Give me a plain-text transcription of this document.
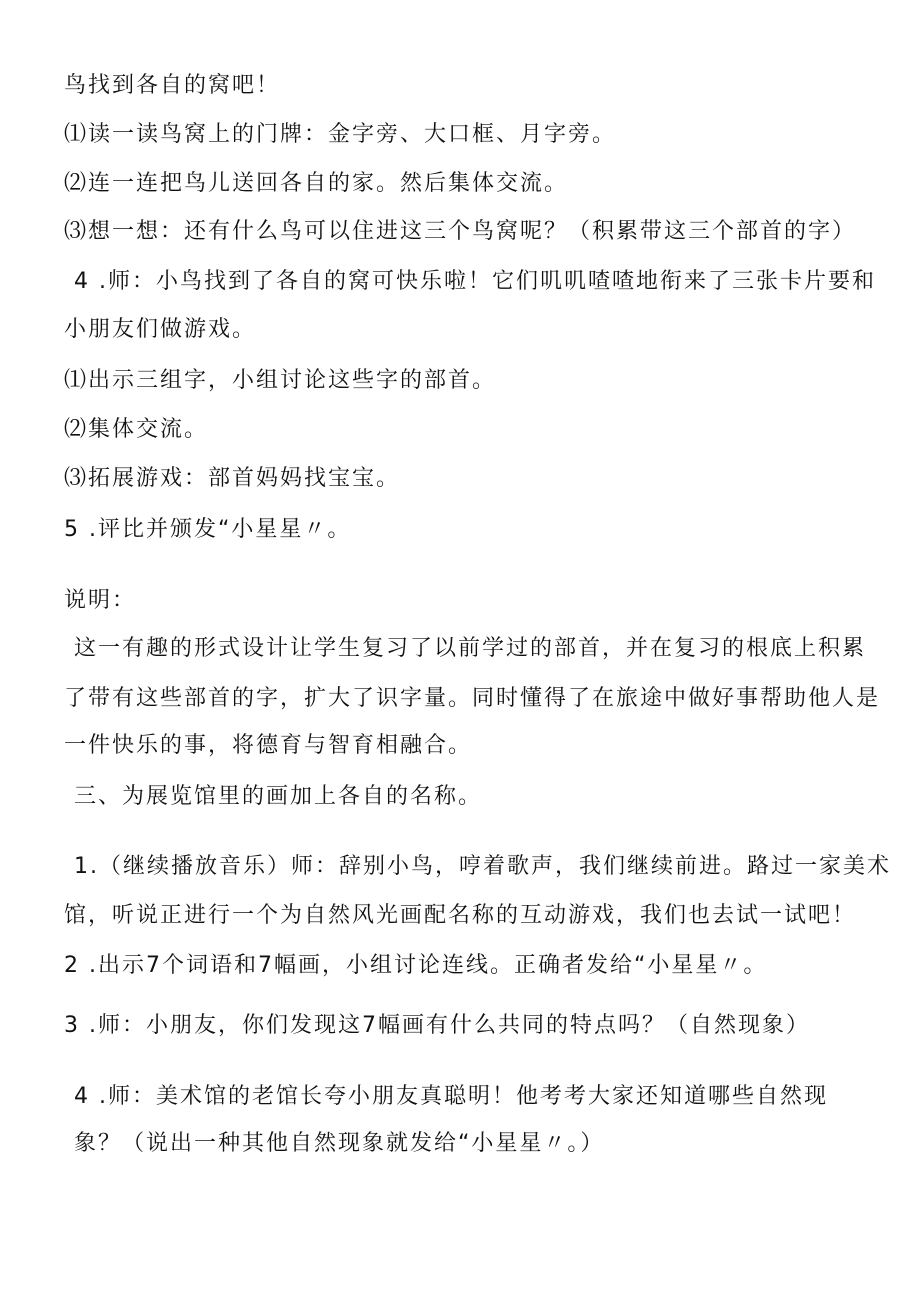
鸟找到各自的窝吧！
⑴读一读鸟窝上的门牌：金字旁、大口框、月字旁。
⑵连一连把鸟儿送回各自的家。然后集体交流。
⑶想一想：还有什么鸟可以住进这三个鸟窝呢？（积累带这三个部首的字）
4 .师：小鸟找到了各自的窝可快乐啦！它们叽叽喳喳地衔来了三张卡片要和
小朋友们做游戏。
⑴出示三组字，小组讨论这些字的部首。
⑵集体交流。
⑶拓展游戏：部首妈妈找宝宝。
5 .评比并颁发“小星星〃。
说明：
这一有趣的形式设计让学生复习了以前学过的部首，并在复习的根底上积累
了带有这些部首的字，扩大了识字量。同时懂得了在旅途中做好事帮助他人是
一件快乐的事，将德育与智育相融合。
三、为展览馆里的画加上各自的名称。
1.（继续播放音乐）师：辞别小鸟，哼着歌声，我们继续前进。路过一家美术
馆，听说正进行一个为自然风光画配名称的互动游戏，我们也去试一试吧！
2 .出示7个词语和7幅画，小组讨论连线。正确者发给“小星星〃。
3 .师：小朋友，你们发现这7幅画有什么共同的特点吗？（自然现象）
4 .师：美术馆的老馆长夸小朋友真聪明！他考考大家还知道哪些自然现
象？（说出一种其他自然现象就发给“小星星〃。）
